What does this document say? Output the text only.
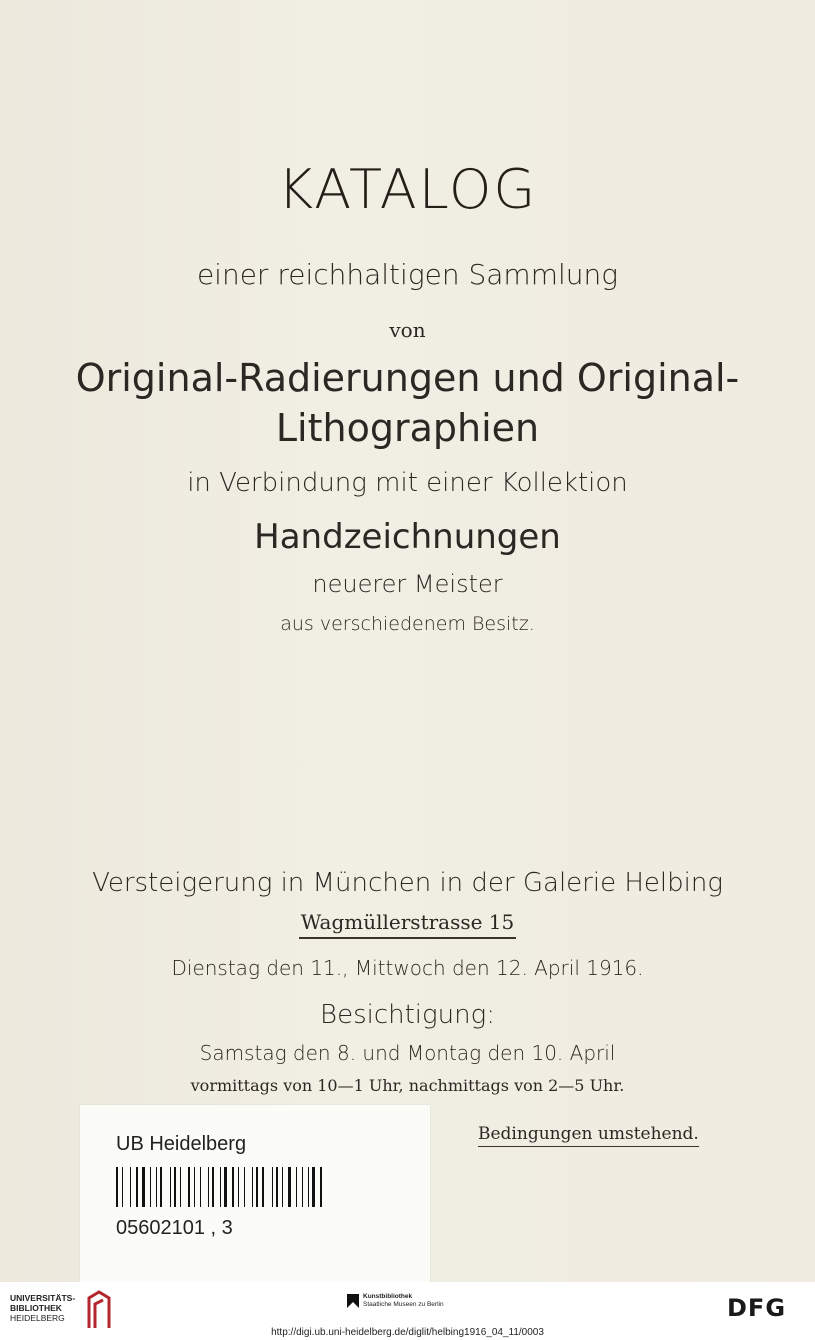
KATALOG
einer reichhaltigen Sammlung
von
Original-Radierungen und Original-
Lithographien
in Verbindung mit einer Kollektion
Handzeichnungen
neuerer Meister
aus verschiedenem Besitz.
Versteigerung in München in der Galerie Helbing
Wagmüllerstrasse 15
Dienstag den 11., Mittwoch den 12. April 1916.
Besichtigung:
Samstag den 8. und Montag den 10. April
vormittags von 10—1 Uhr, nachmittags von 2—5 Uhr.
Bedingungen umstehend.
UB Heidelberg
05602101 , 3
UNIVERSITÄTS-
BIBLIOTHEK
HEIDELBERG
Kunstbibliothek
Staatliche Museen zu Berlin	DFG
http://digi.ub.uni-heidelberg.de/diglit/helbing1916_04_11/0003
